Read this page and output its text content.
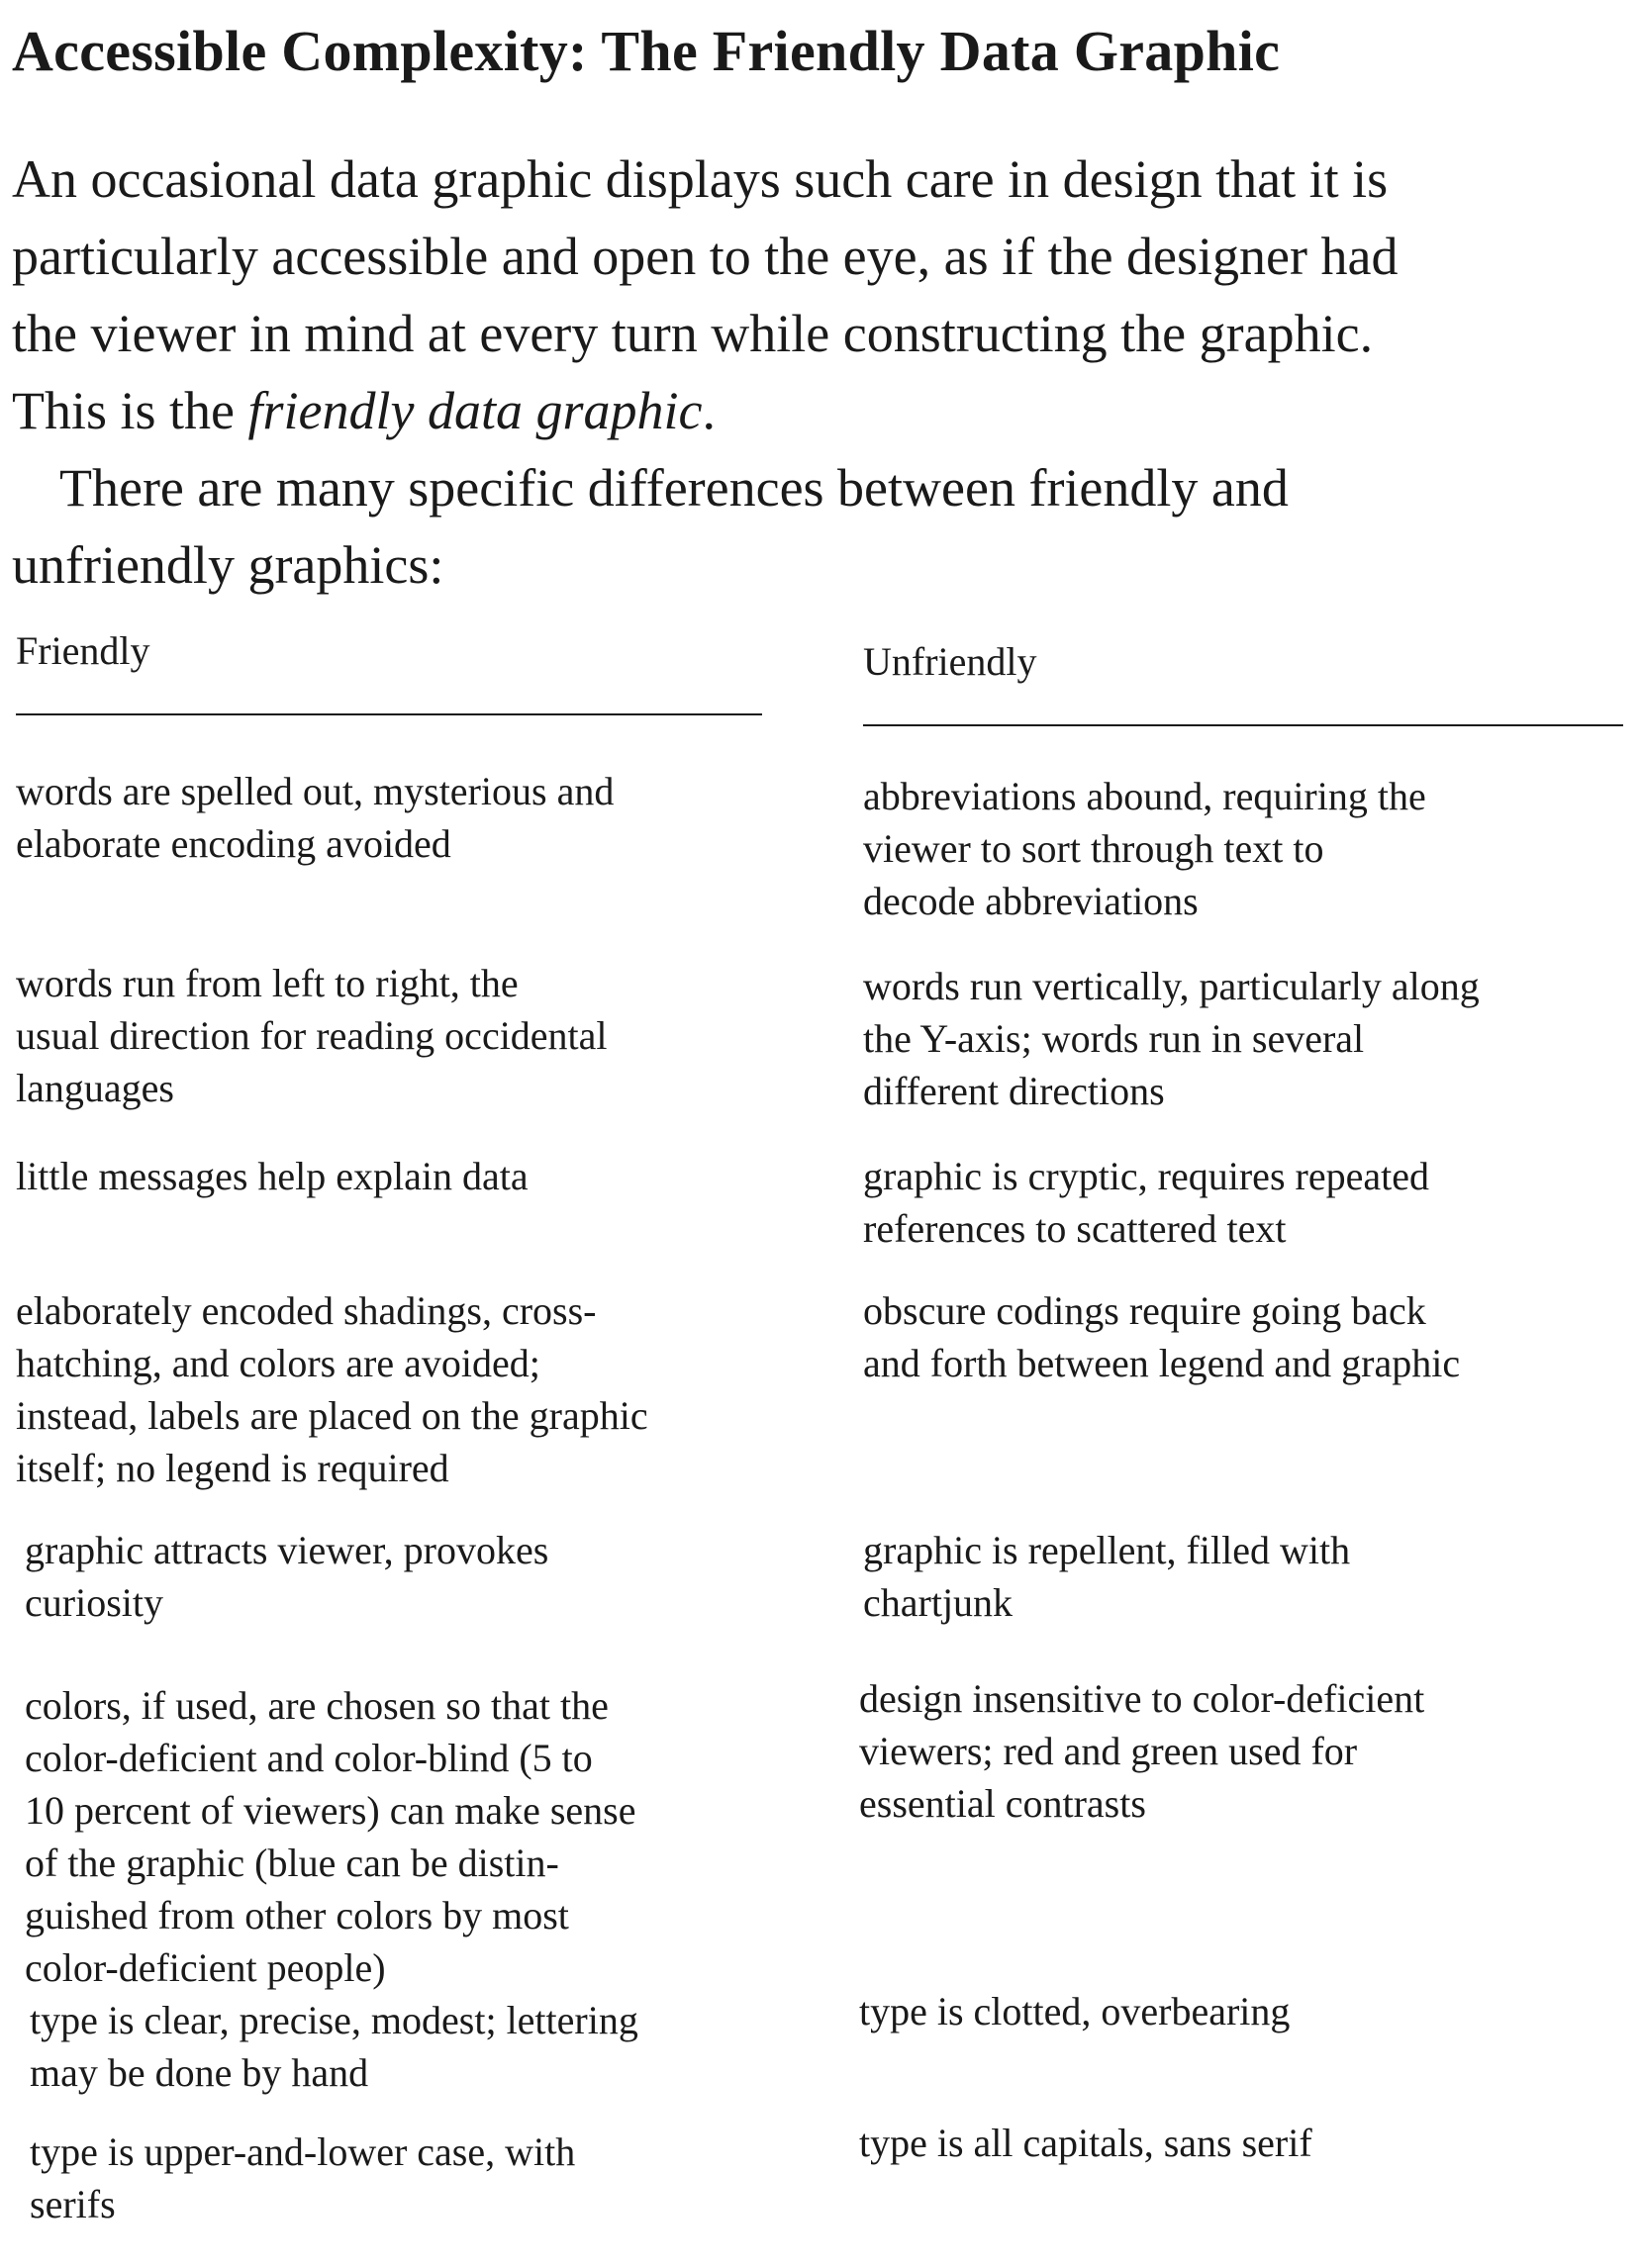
Accessible Complexity: The Friendly Data Graphic
An occasional data graphic displays such care in design that it is
particularly accessible and open to the eye, as if the designer had
the viewer in mind at every turn while constructing the graphic.
This is the friendly data graphic.
There are many specific differences between friendly and
unfriendly graphics:
Friendly	Unfriendly
words are spelled out, mysterious and
elaborate encoding avoided
abbreviations abound, requiring the
viewer to sort through text to
decode abbreviations
words run from left to right, the
usual direction for reading occidental
languages
words run vertically, particularly along
the Y-axis; words run in several
different directions
little messages help explain data	graphic is cryptic, requires repeated
references to scattered text
elaborately encoded shadings, cross-
hatching, and colors are avoided;
instead, labels are placed on the graphic
itself; no legend is required
obscure codings require going back
and forth between legend and graphic
graphic attracts viewer, provokes
curiosity
graphic is repellent, filled with
chartjunk
colors, if used, are chosen so that the
color-deficient and color-blind (5 to
10 percent of viewers) can make sense
of the graphic (blue can be distin-
guished from other colors by most
color-deficient people)
design insensitive to color-deficient
viewers; red and green used for
essential contrasts
type is clear, precise, modest; lettering
may be done by hand
type is clotted, overbearing
type is upper-and-lower case, with
serifs
type is all capitals, sans serif
